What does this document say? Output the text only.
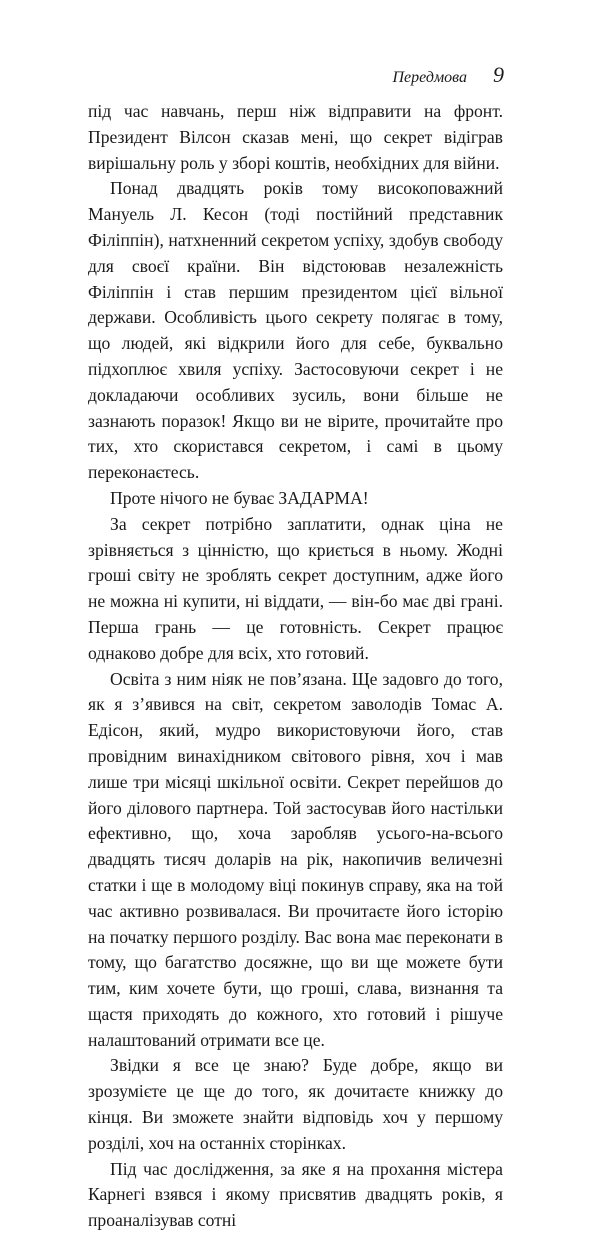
Передмова 9

під час навчань, перш ніж відправити на фронт. Президент Вілсон сказав мені, що секрет відіграв вирішальну роль у зборі коштів, необхідних для війни.

Понад двадцять років тому високоповажний Мануель Л. Кесон (тоді постійний представник Філіппін), натхненний секретом успіху, здобув свободу для своєї країни. Він відстоював незалежність Філіппін і став першим президентом цієї вільної держави. Особливість цього секрету полягає в тому, що людей, які відкрили його для себе, буквально підхоплює хвиля успіху. Застосовуючи секрет і не докладаючи особливих зусиль, вони більше не зазнають поразок! Якщо ви не вірите, прочитайте про тих, хто скористався секретом, і самі в цьому переконаєтесь.

Проте нічого не буває ЗАДАРМА!

За секрет потрібно заплатити, однак ціна не зрівняється з цінністю, що криється в ньому. Жодні гроші світу не зроблять секрет доступним, адже його не можна ні купити, ні віддати, — він-бо має дві грані. Перша грань — це готовність. Секрет працює однаково добре для всіх, хто готовий.

Освіта з ним ніяк не пов’язана. Ще задовго до того, як я з’явився на світ, секретом заволодів Томас А. Едісон, який, мудро використовуючи його, став провідним винахідником світового рівня, хоч і мав лише три місяці шкільної освіти. Секрет перейшов до його ділового партнера. Той застосував його настільки ефективно, що, хоча заробляв усього-на-всього двадцять тисяч доларів на рік, накопичив величезні статки і ще в молодому віці покинув справу, яка на той час активно розвивалася. Ви прочитаєте його історію на початку першого розділу. Вас вона має переконати в тому, що багатство досяжне, що ви ще можете бути тим, ким хочете бути, що гроші, слава, визнання та щастя приходять до кожного, хто готовий і рішуче налаштований отримати все це.

Звідки я все це знаю? Буде добре, якщо ви зрозумієте це ще до того, як дочитаєте книжку до кінця. Ви зможете знайти відповідь хоч у першому розділі, хоч на останніх сторінках.

Під час дослідження, за яке я на прохання містера Карнегі взявся і якому присвятив двадцять років, я проаналізував сотні
